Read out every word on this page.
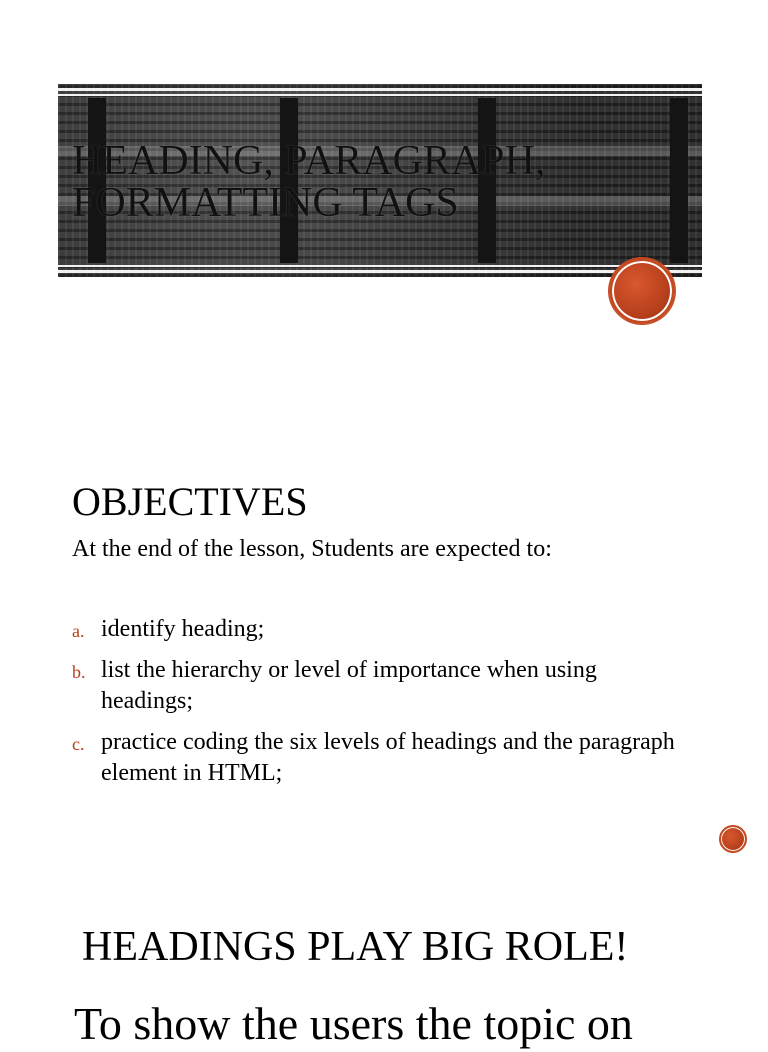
HEADING, PARAGRAPH, FORMATTING TAGS
OBJECTIVES

At the end of the lesson, Students are expected to:

a. identify heading;
b. list the hierarchy or level of importance when using headings;
c. practice coding the six levels of headings and the paragraph element in HTML;
HEADINGS PLAY BIG ROLE!

To show the users the topic on
